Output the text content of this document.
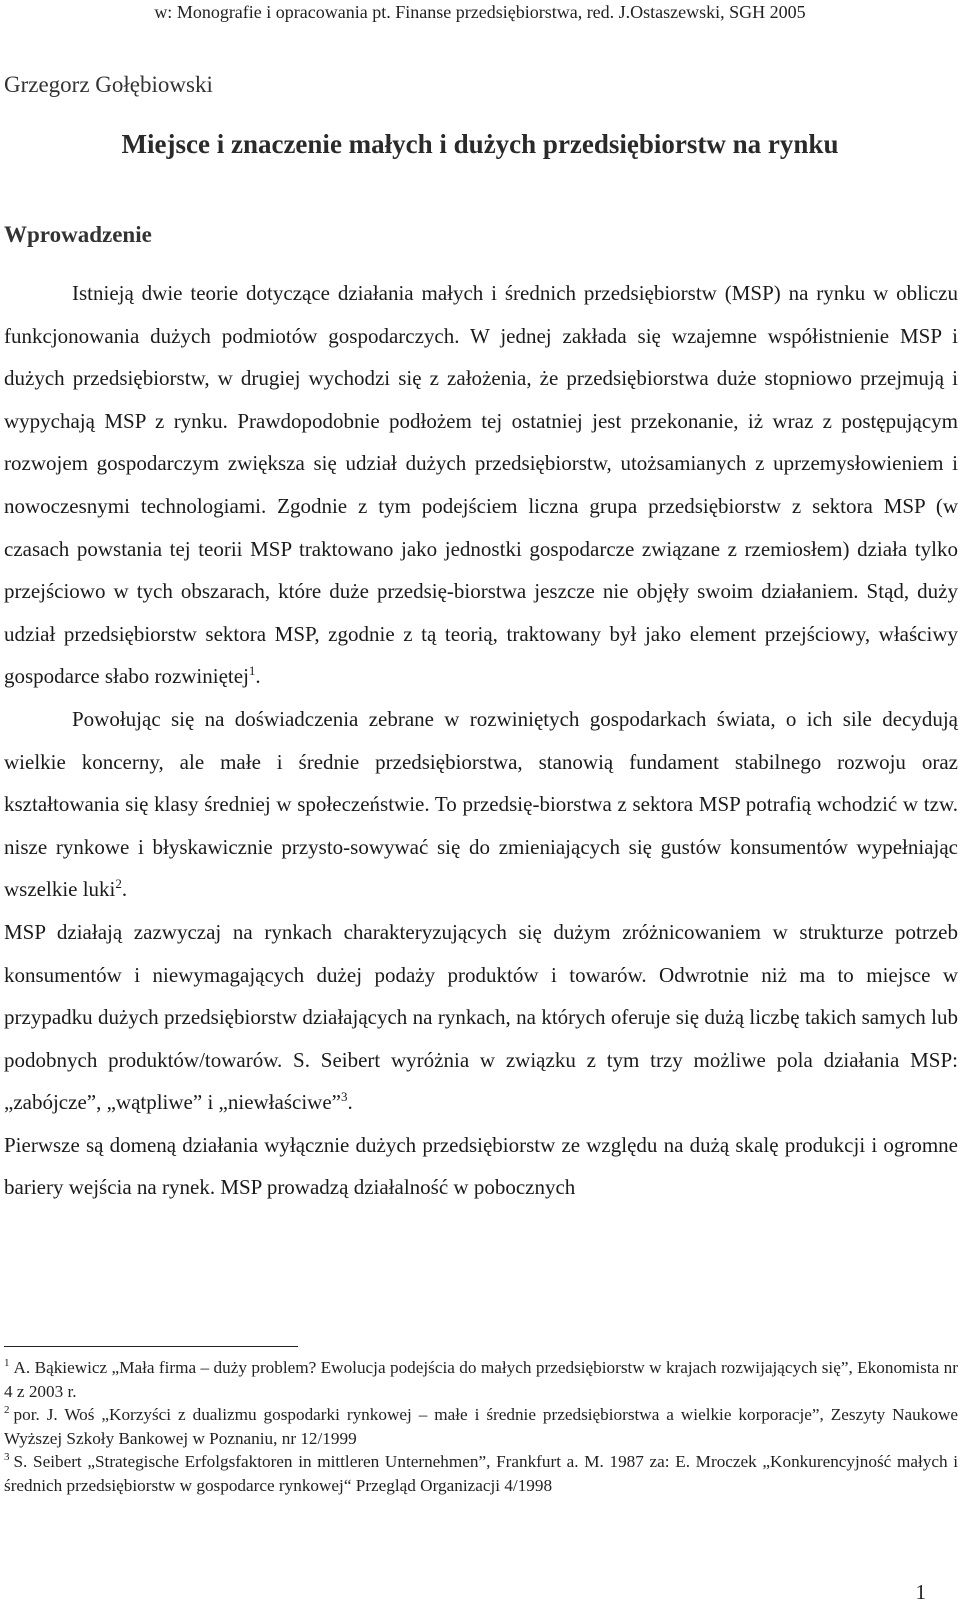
w: Monografie i opracowania pt. Finanse przedsiębiorstwa, red. J.Ostaszewski, SGH 2005
Grzegorz Gołębiowski
Miejsce i znaczenie małych i dużych przedsiębiorstw na rynku
Wprowadzenie

Istnieją dwie teorie dotyczące działania małych i średnich przedsiębiorstw (MSP) na rynku w obliczu funkcjonowania dużych podmiotów gospodarczych. W jednej zakłada się wzajemne współistnienie MSP i dużych przedsiębiorstw, w drugiej wychodzi się z założenia, że przedsiębiorstwa duże stopniowo przejmują i wypychają MSP z rynku. Prawdopodobnie podłożem tej ostatniej jest przekonanie, iż wraz z postępującym rozwojem gospodarczym zwiększa się udział dużych przedsiębiorstw, utożsamianych z uprzemysłowieniem i nowoczesnymi technologiami. Zgodnie z tym podejściem liczna grupa przedsiębiorstw z sektora MSP (w czasach powstania tej teorii MSP traktowano jako jednostki gospodarcze związane z rzemiosłem) działa tylko przejściowo w tych obszarach, które duże przedsię-biorstwa jeszcze nie objęły swoim działaniem. Stąd, duży udział przedsiębiorstw sektora MSP, zgodnie z tą teorią, traktowany był jako element przejściowy, właściwy gospodarce słabo rozwiniętej$^1$.

Powołując się na doświadczenia zebrane w rozwiniętych gospodarkach świata, o ich sile decydują wielkie koncerny, ale małe i średnie przedsiębiorstwa, stanowią fundament stabilnego rozwoju oraz kształtowania się klasy średniej w społeczeństwie. To przedsię-biorstwa z sektora MSP potrafią wchodzić w tzw. nisze rynkowe i błyskawicznie przysto-sowywać się do zmieniających się gustów konsumentów wypełniając wszelkie luki$^2$.

MSP działają zazwyczaj na rynkach charakteryzujących się dużym zróżnicowaniem w strukturze potrzeb konsumentów i niewymagających dużej podaży produktów i towarów. Odwrotnie niż ma to miejsce w przypadku dużych przedsiębiorstw działających na rynkach, na których oferuje się dużą liczbę takich samych lub podobnych produktów/towarów. S. Seibert wyróżnia w związku z tym trzy możliwe pola działania MSP: „zabójcze”, „wątpliwe” i „niewłaściwe”$^3$.

Pierwsze są domeną działania wyłącznie dużych przedsiębiorstw ze względu na dużą skalę produkcji i ogromne bariery wejścia na rynek. MSP prowadzą działalność w pobocznych

$^1$ A. Bąkiewicz „Mała firma – duży problem? Ewolucja podejścia do małych przedsiębiorstw w krajach rozwijających się”, Ekonomista nr 4 z 2003 r.

$^2$ por. J. Woś „Korzyści z dualizmu gospodarki rynkowej – małe i średnie przedsiębiorstwa a wielkie korporacje”, Zeszyty Naukowe Wyższej Szkoły Bankowej w Poznaniu, nr 12/1999

$^3$ S. Seibert „Strategische Erfolgsfaktoren in mittleren Unternehmen”, Frankfurt a. M. 1987 za: E. Mroczek „Konkurencyjność małych i średnich przedsiębiorstw w gospodarce rynkowej“ Przegląd Organizacji 4/1998

1
